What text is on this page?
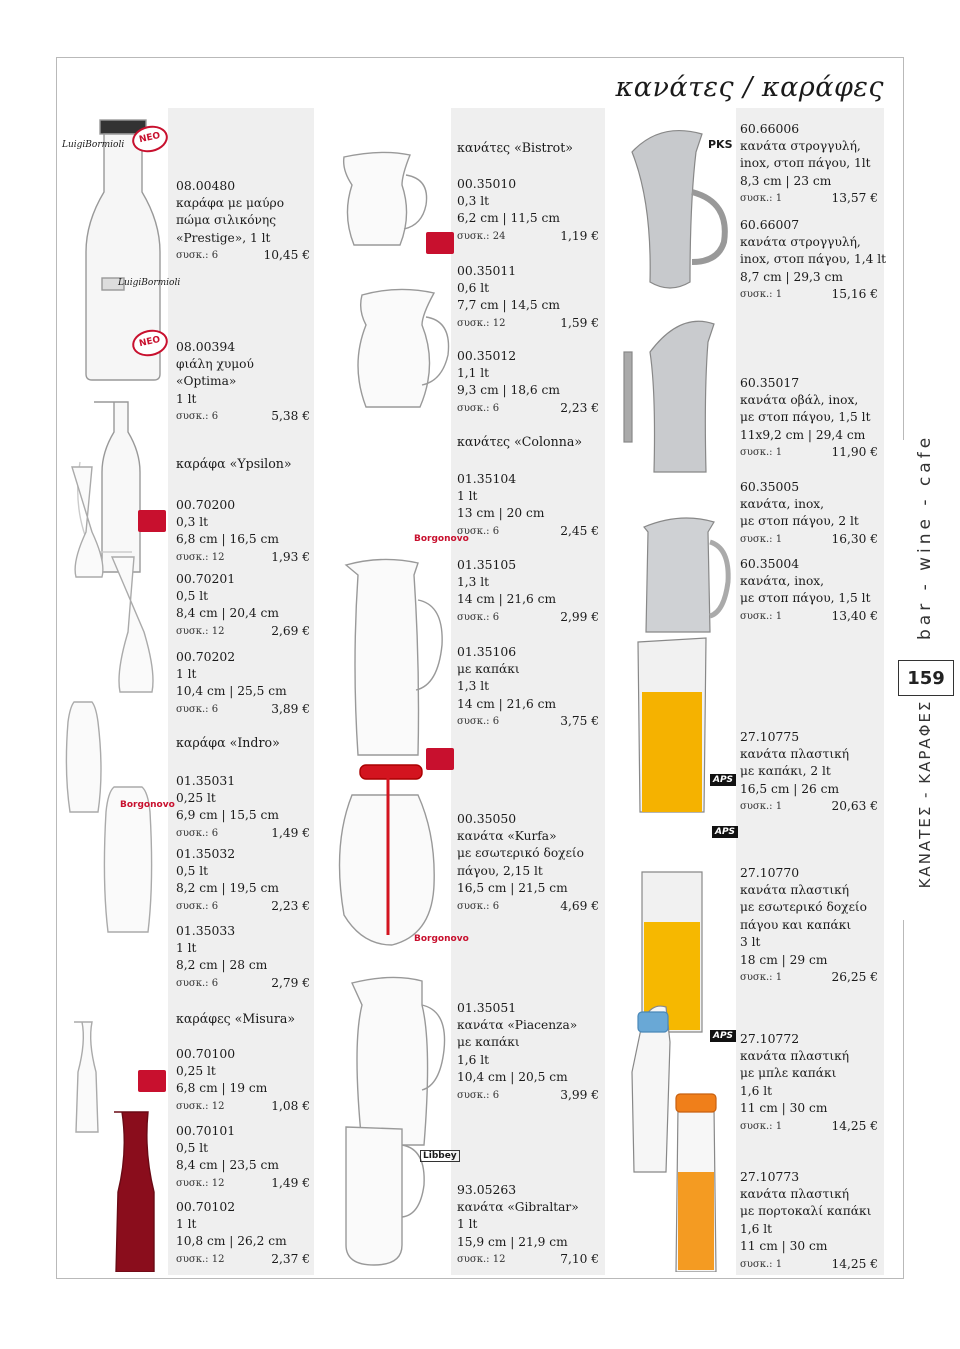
κανάτες / καράφες
bar - wine - cafe
ΚΑΝΑΤΕΣ - ΚΑΡΑΦΕΣ
159
LuigiBormioli
LuigiBormioli
ΝΕΟ
ΝΕΟ
Borgonovo
Borgonovo
Borgonovo
Libbey
PKS
APS
APS
APS
08.00480
καράφα με μαύρο
πώμα σιλικόνης
«Prestige», 1 lt
συσκ.: 6	10,45 €
08.00394
φιάλη χυμού
«Optima»
1 lt
συσκ.: 6	5,38 €
καράφα «Ypsilon»
00.70200
0,3 lt
6,8 cm | 16,5 cm
συσκ.: 12	1,93 €
00.70201
0,5 lt
8,4 cm | 20,4 cm
συσκ.: 12	2,69 €
00.70202
1 lt
10,4 cm | 25,5 cm
συσκ.: 6	3,89 €
καράφα «Indro»
01.35031
0,25 lt
6,9 cm | 15,5 cm
συσκ.: 6	1,49 €
01.35032
0,5 lt
8,2 cm | 19,5 cm
συσκ.: 6	2,23 €
01.35033
1 lt
8,2 cm | 28 cm
συσκ.: 6	2,79 €
καράφες «Misura»
00.70100
0,25 lt
6,8 cm | 19 cm
συσκ.: 12	1,08 €
00.70101
0,5 lt
8,4 cm | 23,5 cm
συσκ.: 12	1,49 €
00.70102
1 lt
10,8 cm | 26,2 cm
συσκ.: 12	2,37 €
κανάτες «Bistrot»
00.35010
0,3 lt
6,2 cm | 11,5 cm
συσκ.: 24	1,19 €
00.35011
0,6 lt
7,7 cm | 14,5 cm
συσκ.: 12	1,59 €
00.35012
1,1 lt
9,3 cm | 18,6 cm
συσκ.: 6	2,23 €
κανάτες «Colonna»
01.35104
1 lt
13 cm | 20 cm
συσκ.: 6	2,45 €
01.35105
1,3 lt
14 cm | 21,6 cm
συσκ.: 6	2,99 €
01.35106
με καπάκι
1,3 lt
14 cm | 21,6 cm
συσκ.: 6	3,75 €
00.35050
κανάτα «Kurfa»
με εσωτερικό δοχείο
πάγου, 2,15 lt
16,5 cm | 21,5 cm
συσκ.: 6	4,69 €
01.35051
κανάτα «Piacenza»
με καπάκι
1,6 lt
10,4 cm | 20,5 cm
συσκ.: 6	3,99 €
93.05263
κανάτα «Gibraltar»
1 lt
15,9 cm | 21,9 cm
συσκ.: 12	7,10 €
60.66006
κανάτα στρογγυλή,
inox, στοπ πάγου, 1lt
8,3 cm | 23 cm
συσκ.: 1	13,57 €
60.66007
κανάτα στρογγυλή,
inox, στοπ πάγου, 1,4 lt
8,7 cm | 29,3 cm
συσκ.: 1	15,16 €
60.35017
κανάτα οβάλ, inox,
με στοπ πάγου, 1,5 lt
11x9,2 cm | 29,4 cm
συσκ.: 1	11,90 €
60.35005
κανάτα, inox,
με στοπ πάγου, 2 lt
συσκ.: 1	16,30 €
60.35004
κανάτα, inox,
με στοπ πάγου, 1,5 lt
συσκ.: 1	13,40 €
27.10775
κανάτα πλαστική
με καπάκι, 2 lt
16,5 cm | 26 cm
συσκ.: 1	20,63 €
27.10770
κανάτα πλαστική
με εσωτερικό δοχείο
πάγου και καπάκι
3 lt
18 cm | 29 cm
συσκ.: 1	26,25 €
27.10772
κανάτα πλαστική
με μπλε καπάκι
1,6 lt
11 cm | 30 cm
συσκ.: 1	14,25 €
27.10773
κανάτα πλαστική
με πορτοκαλί καπάκι
1,6 lt
11 cm | 30 cm
συσκ.: 1	14,25 €
